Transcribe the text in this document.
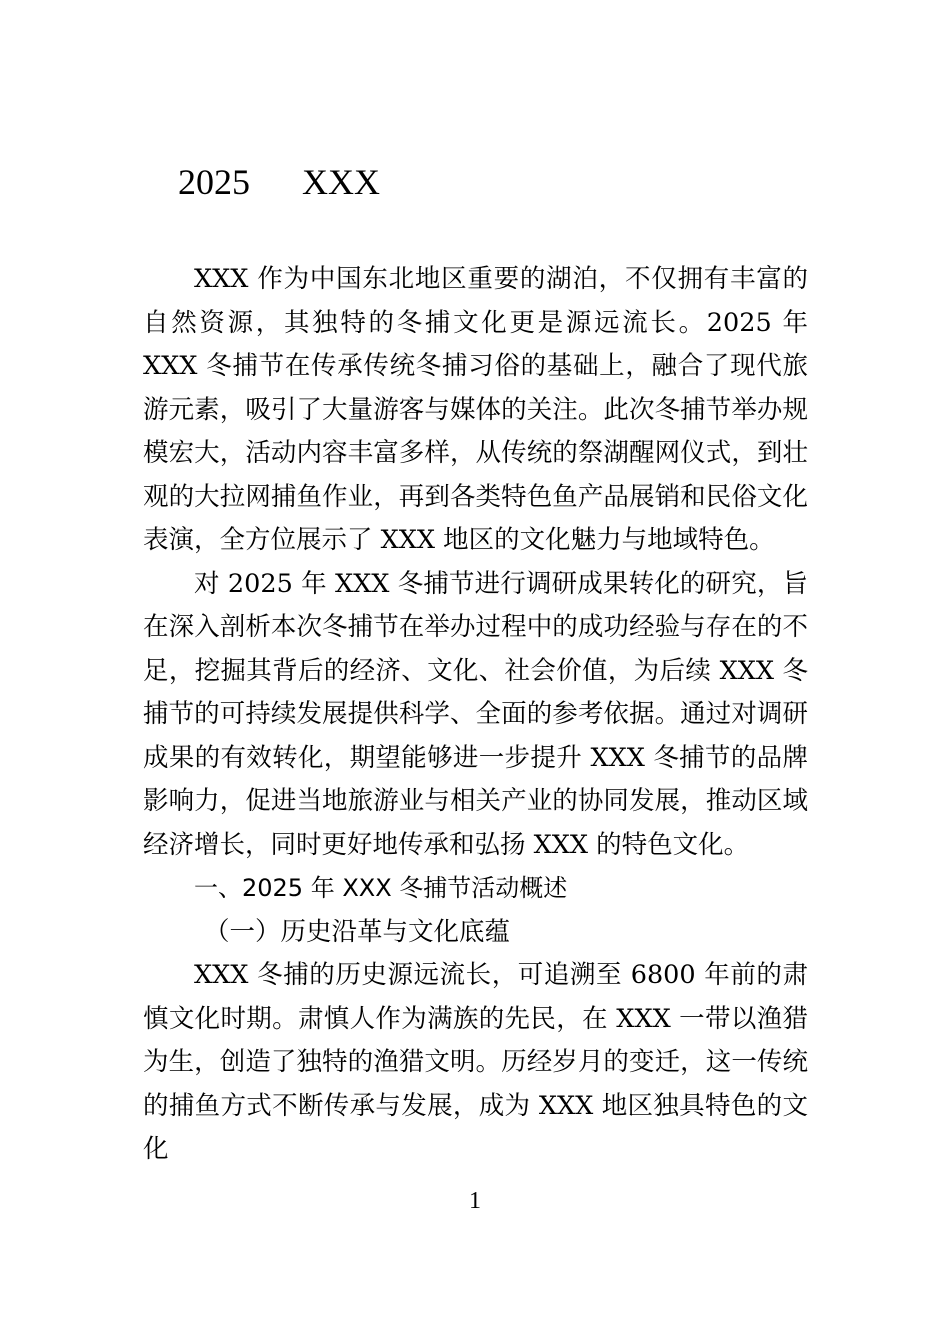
2025 XXX

XXX 作为中国东北地区重要的湖泊，不仅拥有丰富的自然资源，其独特的冬捕文化更是源远流长。2025 年 XXX 冬捕节在传承传统冬捕习俗的基础上，融合了现代旅游元素，吸引了大量游客与媒体的关注。此次冬捕节举办规模宏大，活动内容丰富多样，从传统的祭湖醒网仪式，到壮观的大拉网捕鱼作业，再到各类特色鱼产品展销和民俗文化表演，全方位展示了 XXX 地区的文化魅力与地域特色。

对 2025 年 XXX 冬捕节进行调研成果转化的研究，旨在深入剖析本次冬捕节在举办过程中的成功经验与存在的不足，挖掘其背后的经济、文化、社会价值，为后续 XXX 冬捕节的可持续发展提供科学、全面的参考依据。通过对调研成果的有效转化，期望能够进一步提升 XXX 冬捕节的品牌影响力，促进当地旅游业与相关产业的协同发展，推动区域经济增长，同时更好地传承和弘扬 XXX 的特色文化。

一、2025 年 XXX 冬捕节活动概述

（一）历史沿革与文化底蕴

XXX 冬捕的历史源远流长，可追溯至 6800 年前的肃慎文化时期。肃慎人作为满族的先民，在 XXX 一带以渔猎为生，创造了独特的渔猎文明。历经岁月的变迁，这一传统的捕鱼方式不断传承与发展，成为 XXX 地区独具特色的文化

1
